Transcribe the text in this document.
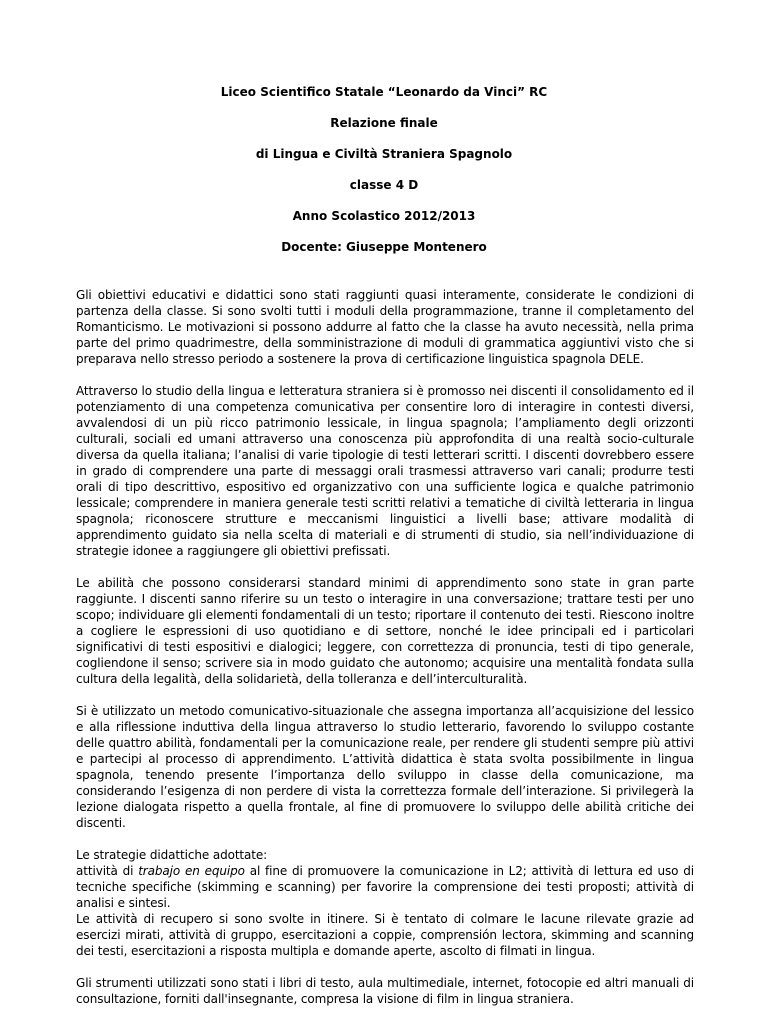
Liceo Scientifico Statale “Leonardo da Vinci” RC
Relazione finale
di Lingua e Civiltà Straniera Spagnolo
classe 4 D
Anno Scolastico 2012/2013
Docente: Giuseppe Montenero

Gli obiettivi educativi e didattici sono stati raggiunti quasi interamente, considerate le condizioni di partenza della classe. Si sono svolti tutti i moduli della programmazione, tranne il completamento del Romanticismo. Le motivazioni si possono addurre al fatto che la classe ha avuto necessità, nella prima parte del primo quadrimestre, della somministrazione di moduli di grammatica aggiuntivi visto che si preparava nello stresso periodo a sostenere la prova di certificazione linguistica spagnola DELE.

Attraverso lo studio della lingua e letteratura straniera si è promosso nei discenti il consolidamento ed il potenziamento di una competenza comunicativa per consentire loro di interagire in contesti diversi, avvalendosi di un più ricco patrimonio lessicale, in lingua spagnola; l’ampliamento degli orizzonti culturali, sociali ed umani attraverso una conoscenza più approfondita di una realtà socio-culturale diversa da quella italiana; l’analisi di varie tipologie di testi letterari scritti. I discenti dovrebbero essere in grado di comprendere una parte di messaggi orali trasmessi attraverso vari canali; produrre testi orali di tipo descrittivo, espositivo ed organizzativo con una sufficiente logica e qualche patrimonio lessicale; comprendere in maniera generale testi scritti relativi a tematiche di civiltà letteraria in lingua spagnola; riconoscere strutture e meccanismi linguistici a livelli base; attivare modalità di apprendimento guidato sia nella scelta di materiali e di strumenti di studio, sia nell’individuazione di strategie idonee a raggiungere gli obiettivi prefissati.

Le abilità che possono considerarsi standard minimi di apprendimento sono state in gran parte raggiunte. I discenti sanno riferire su un testo o interagire in una conversazione; trattare testi per uno scopo; individuare gli elementi fondamentali di un testo; riportare il contenuto dei testi. Riescono inoltre a cogliere le espressioni di uso quotidiano e di settore, nonché le idee principali ed i particolari significativi di testi espositivi e dialogici; leggere, con correttezza di pronuncia, testi di tipo generale, cogliendone il senso; scrivere sia in modo guidato che autonomo; acquisire una mentalità fondata sulla cultura della legalità, della solidarietà, della tolleranza e dell’interculturalità.

Si è utilizzato un metodo comunicativo-situazionale che assegna importanza all’acquisizione del lessico e alla riflessione induttiva della lingua attraverso lo studio letterario, favorendo lo sviluppo costante delle quattro abilità, fondamentali per la comunicazione reale, per rendere gli studenti sempre più attivi e partecipi al processo di apprendimento. L’attività didattica è stata svolta possibilmente in lingua spagnola, tenendo presente l’importanza dello sviluppo in classe della comunicazione, ma considerando l’esigenza di non perdere di vista la correttezza formale dell’interazione. Si privilegerà la lezione dialogata rispetto a quella frontale, al fine di promuovere lo sviluppo delle abilità critiche dei discenti.

Le strategie didattiche adottate:

attività di trabajo en equipo al fine di promuovere la comunicazione in L2; attività di lettura ed uso di tecniche specifiche (skimming e scanning) per favorire la comprensione dei testi proposti; attività di analisi e sintesi.

Le attività di recupero si sono svolte in itinere. Si è tentato di colmare le lacune rilevate grazie ad esercizi mirati, attività di gruppo, esercitazioni a coppie, comprensión lectora, skimming and scanning dei testi, esercitazioni a risposta multipla e domande aperte, ascolto di filmati in lingua.

Gli strumenti utilizzati sono stati i libri di testo, aula multimediale, internet, fotocopie ed altri manuali di consultazione, forniti dall'insegnante, compresa la visione di film in lingua straniera.
